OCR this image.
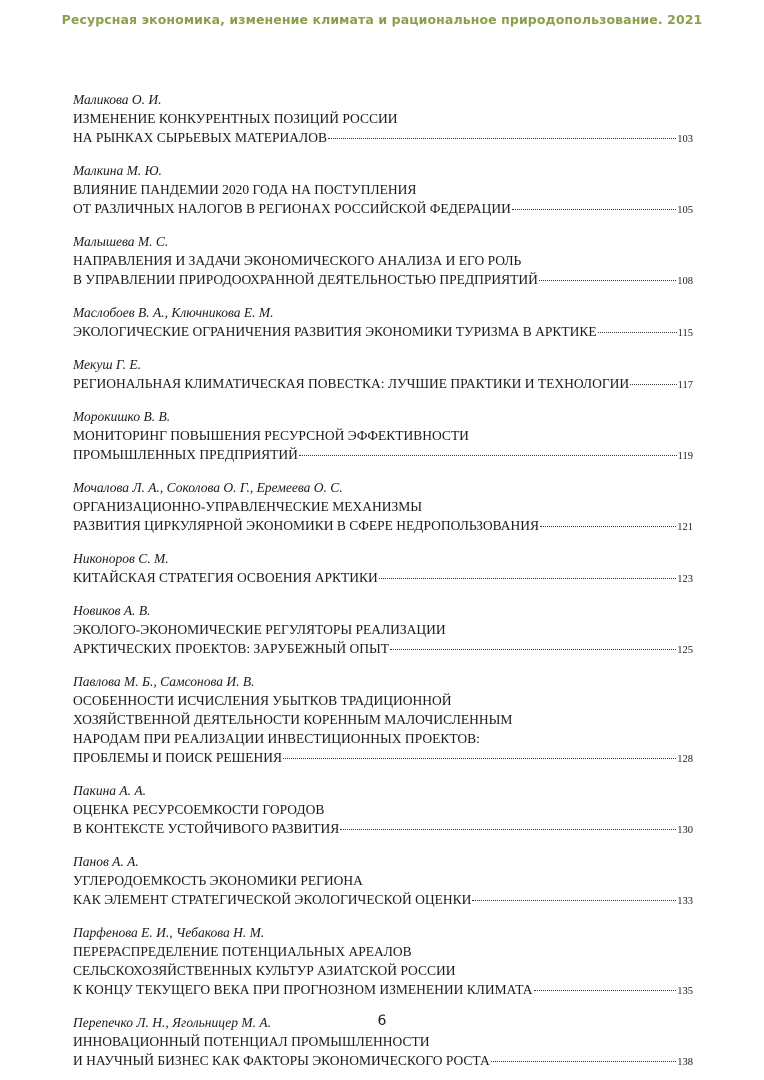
Ресурсная экономика, изменение климата и рациональное природопользование. 2021
Маликова О. И.
ИЗМЕНЕНИЕ КОНКУРЕНТНЫХ ПОЗИЦИЙ РОССИИ
НА РЫНКАХ СЫРЬЕВЫХ МАТЕРИАЛОВ	103
Малкина М. Ю.
ВЛИЯНИЕ ПАНДЕМИИ 2020 ГОДА НА ПОСТУПЛЕНИЯ
ОТ РАЗЛИЧНЫХ НАЛОГОВ В РЕГИОНАХ РОССИЙСКОЙ ФЕДЕРАЦИИ	105
Малышева М. С.
НАПРАВЛЕНИЯ И ЗАДАЧИ ЭКОНОМИЧЕСКОГО АНАЛИЗА И ЕГО РОЛЬ
В УПРАВЛЕНИИ ПРИРОДООХРАННОЙ ДЕЯТЕЛЬНОСТЬЮ ПРЕДПРИЯТИЙ	108
Маслобоев В. А., Ключникова Е. М.
ЭКОЛОГИЧЕСКИЕ ОГРАНИЧЕНИЯ РАЗВИТИЯ ЭКОНОМИКИ ТУРИЗМА В АРКТИКЕ	115
Мекуш Г. Е.
РЕГИОНАЛЬНАЯ КЛИМАТИЧЕСКАЯ ПОВЕСТКА: ЛУЧШИЕ ПРАКТИКИ И ТЕХНОЛОГИИ	117
Морокишко В. В.
МОНИТОРИНГ ПОВЫШЕНИЯ РЕСУРСНОЙ ЭФФЕКТИВНОСТИ
ПРОМЫШЛЕННЫХ ПРЕДПРИЯТИЙ	119
Мочалова Л. А., Соколова О. Г., Еремеева О. С.
ОРГАНИЗАЦИОННО-УПРАВЛЕНЧЕСКИЕ МЕХАНИЗМЫ
РАЗВИТИЯ ЦИРКУЛЯРНОЙ ЭКОНОМИКИ В СФЕРЕ НЕДРОПОЛЬЗОВАНИЯ	121
Никоноров С. М.
КИТАЙСКАЯ СТРАТЕГИЯ ОСВОЕНИЯ АРКТИКИ	123
Новиков А. В.
ЭКОЛОГО-ЭКОНОМИЧЕСКИЕ РЕГУЛЯТОРЫ РЕАЛИЗАЦИИ
АРКТИЧЕСКИХ ПРОЕКТОВ: ЗАРУБЕЖНЫЙ ОПЫТ	125
Павлова М. Б., Самсонова И. В.
ОСОБЕННОСТИ ИСЧИСЛЕНИЯ УБЫТКОВ ТРАДИЦИОННОЙ
ХОЗЯЙСТВЕННОЙ ДЕЯТЕЛЬНОСТИ КОРЕННЫМ МАЛОЧИСЛЕННЫМ
НАРОДАМ ПРИ РЕАЛИЗАЦИИ ИНВЕСТИЦИОННЫХ ПРОЕКТОВ:
ПРОБЛЕМЫ И ПОИСК РЕШЕНИЯ	128
Пакина А. А.
ОЦЕНКА РЕСУРСОЕМКОСТИ ГОРОДОВ
В КОНТЕКСТЕ УСТОЙЧИВОГО РАЗВИТИЯ	130
Панов А. А.
УГЛЕРОДОЕМКОСТЬ ЭКОНОМИКИ РЕГИОНА
КАК ЭЛЕМЕНТ СТРАТЕГИЧЕСКОЙ ЭКОЛОГИЧЕСКОЙ ОЦЕНКИ	133
Парфенова Е. И., Чебакова Н. М.
ПЕРЕРАСПРЕДЕЛЕНИЕ ПОТЕНЦИАЛЬНЫХ АРЕАЛОВ
СЕЛЬСКОХОЗЯЙСТВЕННЫХ КУЛЬТУР АЗИАТСКОЙ РОССИИ
К КОНЦУ ТЕКУЩЕГО ВЕКА ПРИ ПРОГНОЗНОМ ИЗМЕНЕНИИ КЛИМАТА	135
Перепечко Л. Н., Ягольницер М. А.
ИННОВАЦИОННЫЙ ПОТЕНЦИАЛ ПРОМЫШЛЕННОСТИ
И НАУЧНЫЙ БИЗНЕС КАК ФАКТОРЫ ЭКОНОМИЧЕСКОГО РОСТА	138
6
